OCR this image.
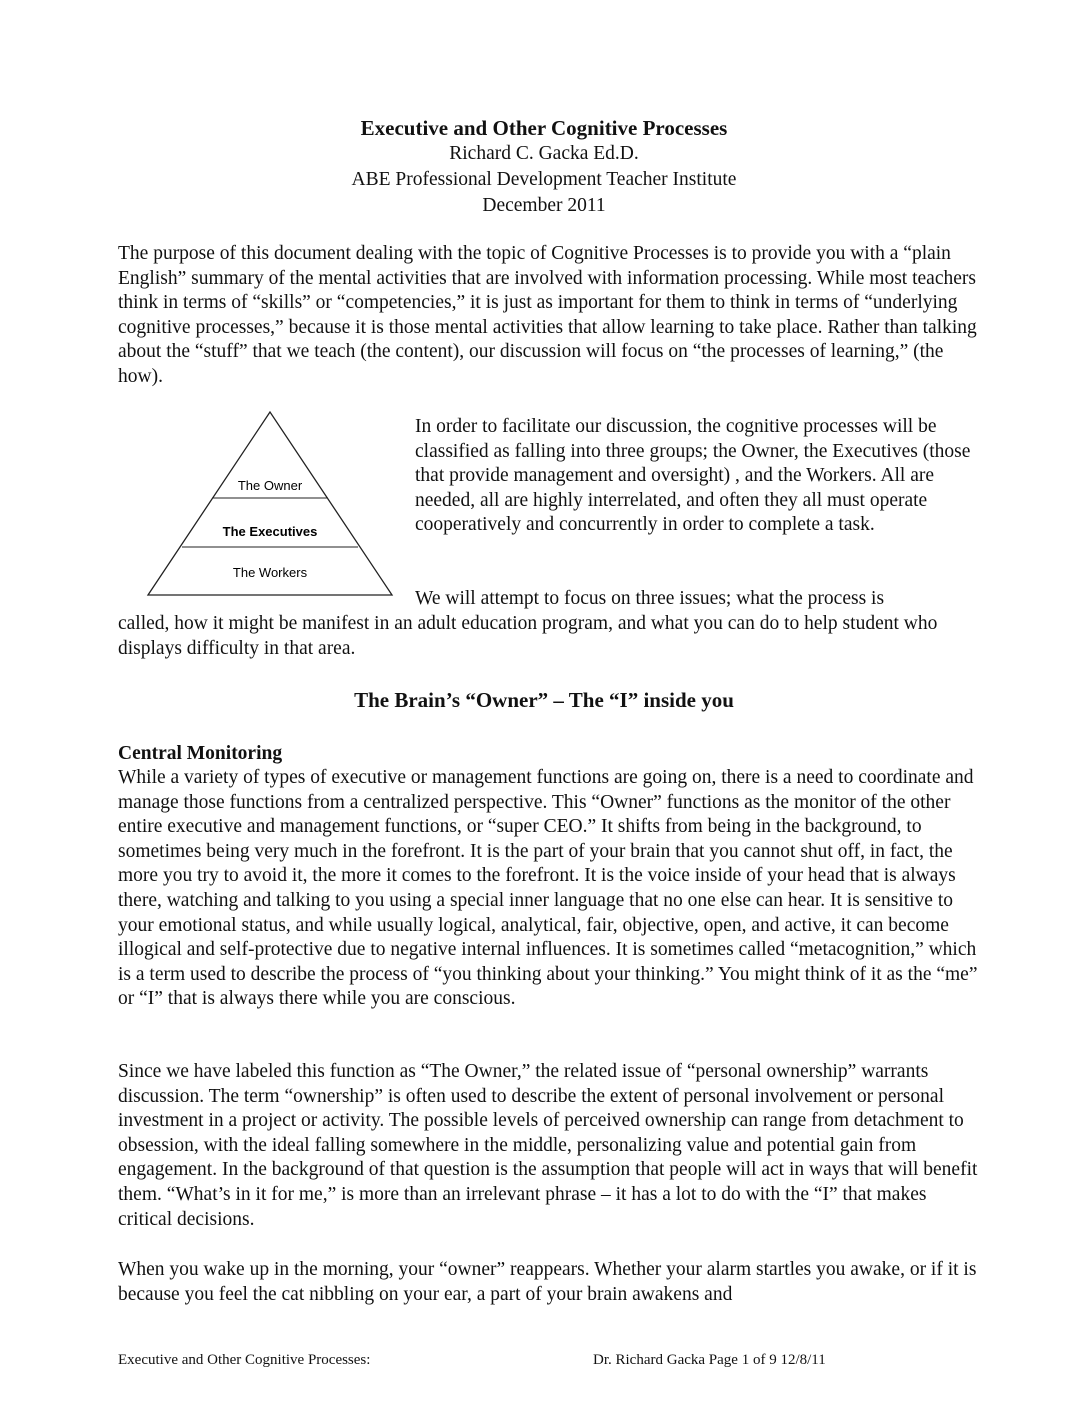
Executive and Other Cognitive Processes
Richard C. Gacka Ed.D.
ABE Professional Development Teacher Institute
December 2011

The purpose of this document dealing with the topic of Cognitive Processes is to provide you with a “plain English” summary of the mental activities that are involved with information processing. While most teachers think in terms of “skills” or “competencies,” it is just as important for them to think in terms of “underlying cognitive processes,” because it is those mental activities that allow learning to take place. Rather than talking about the “stuff” that we teach (the content), our discussion will focus on “the processes of learning,” (the how).

The Owner
The Executives
The Workers

In order to facilitate our discussion, the cognitive processes will be classified as falling into three groups; the Owner, the Executives (those that provide management and oversight) , and the Workers. All are needed, all are highly interrelated, and often they all must operate cooperatively and concurrently in order to complete a task.

We will attempt to focus on three issues; what the process is

called, how it might be manifest in an adult education program, and what you can do to help student who displays difficulty in that area.

The Brain’s “Owner” – The “I” inside you
Central Monitoring

While a variety of types of executive or management functions are going on, there is a need to coordinate and manage those functions from a centralized perspective. This “Owner” functions as the monitor of the other entire executive and management functions, or “super CEO.” It shifts from being in the background, to sometimes being very much in the forefront. It is the part of your brain that you cannot shut off, in fact, the more you try to avoid it, the more it comes to the forefront. It is the voice inside of your head that is always there, watching and talking to you using a special inner language that no one else can hear. It is sensitive to your emotional status, and while usually logical, analytical, fair, objective, open, and active, it can become illogical and self-protective due to negative internal influences. It is sometimes called “metacognition,” which is a term used to describe the process of “you thinking about your thinking.” You might think of it as the “me” or “I” that is always there while you are conscious.

Since we have labeled this function as “The Owner,” the related issue of “personal ownership” warrants discussion. The term “ownership” is often used to describe the extent of personal involvement or personal investment in a project or activity. The possible levels of perceived ownership can range from detachment to obsession, with the ideal falling somewhere in the middle, personalizing value and potential gain from engagement. In the background of that question is the assumption that people will act in ways that will benefit them. “What’s in it for me,” is more than an irrelevant phrase – it has a lot to do with the “I” that makes critical decisions.

When you wake up in the morning, your “owner” reappears. Whether your alarm startles you awake, or if it is because you feel the cat nibbling on your ear, a part of your brain awakens and

Executive and Other Cognitive Processes:	Dr. Richard Gacka Page 1 of 9 12/8/11
